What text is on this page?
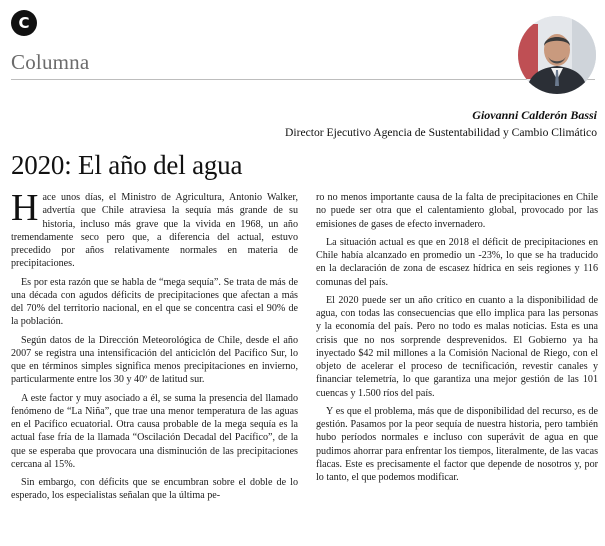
C
Columna
Giovanni Calderón Bassi
Director Ejecutivo Agencia de Sustentabilidad y Cambio Climático
2020: El año del agua

Hace unos días, el Ministro de Agricultura, Antonio Walker, advertía que Chile atraviesa la sequía más grande de su historia, incluso más grave que la vivida en 1968, un año tremendamente seco pero que, a diferencia del actual, estuvo precedido por años relativamente normales en materia de precipitaciones.

Es por esta razón que se habla de “mega sequía”. Se trata de más de una década con agudos déficits de precipitaciones que afectan a más del 70% del territorio nacional, en el que se concentra casi el 90% de la población.

Según datos de la Dirección Meteorológica de Chile, desde el año 2007 se registra una intensificación del anticiclón del Pacífico Sur, lo que en términos simples significa menos precipitaciones en invierno, particularmente entre los 30 y 40º de latitud sur.

A este factor y muy asociado a él, se suma la presencia del llamado fenómeno de “La Niña”, que trae una menor temperatura de las aguas en el Pacífico ecuatorial. Otra causa probable de la mega sequía es la actual fase fría de la llamada “Oscilación Decadal del Pacífico”, de la que se esperaba que provocara una disminución de las precipitaciones cercana al 15%.

Sin embargo, con déficits que se encumbran sobre el doble de lo esperado, los especialistas señalan que la última pe-

ro no menos importante causa de la falta de precipitaciones en Chile no puede ser otra que el calentamiento global, provocado por las emisiones de gases de efecto invernadero.

La situación actual es que en 2018 el déficit de precipitaciones en Chile había alcanzado en promedio un -23%, lo que se ha traducido en la declaración de zona de escasez hídrica en seis regiones y 116 comunas del país.

El 2020 puede ser un año crítico en cuanto a la disponibilidad de agua, con todas las consecuencias que ello implica para las personas y la economía del país. Pero no todo es malas noticias. Esta es una crisis que no nos sorprende desprevenidos. El Gobierno ya ha inyectado $42 mil millones a la Comisión Nacional de Riego, con el objeto de acelerar el proceso de tecnificación, revestir canales y financiar telemetría, lo que garantiza una mejor gestión de las 101 cuencas y 1.500 ríos del país.

Y es que el problema, más que de disponibilidad del recurso, es de gestión. Pasamos por la peor sequía de nuestra historia, pero también hubo períodos normales e incluso con superávit de agua en que pudimos ahorrar para enfrentar los tiempos, literalmente, de las vacas flacas. Este es precisamente el factor que depende de nosotros y, por lo tanto, el que podemos modificar.
